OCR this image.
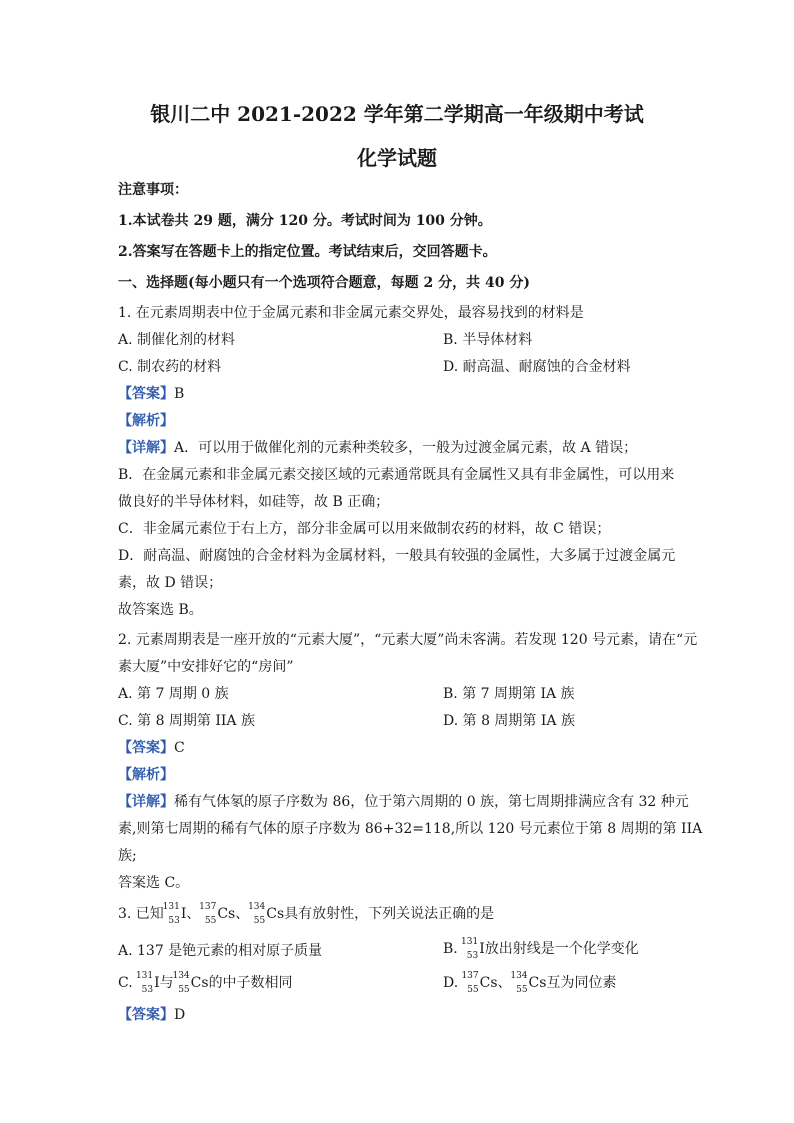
银川二中 2021-2022 学年第二学期高一年级期中考试
化学试题
注意事项：
1.本试卷共 29 题，满分 120 分。考试时间为 100 分钟。
2.答案写在答题卡上的指定位置。考试结束后，交回答题卡。
一、选择题(每小题只有一个选项符合题意，每题 2 分，共 40 分)
1. 在元素周期表中位于金属元素和非金属元素交界处，最容易找到的材料是
A. 制催化剂的材料	B. 半导体材料
C. 制农药的材料	D. 耐高温、耐腐蚀的合金材料
【答案】B
【解析】
【详解】A．可以用于做催化剂的元素种类较多，一般为过渡金属元素，故 A 错误；
B．在金属元素和非金属元素交接区域的元素通常既具有金属性又具有非金属性，可以用来
做良好的半导体材料，如硅等，故 B 正确；
C．非金属元素位于右上方，部分非金属可以用来做制农药的材料，故 C 错误；
D．耐高温、耐腐蚀的合金材料为金属材料，一般具有较强的金属性，大多属于过渡金属元
素，故 D 错误；
故答案选 B。
2. 元素周期表是一座开放的“元素大厦”，“元素大厦”尚未客满。若发现 120 号元素，请在“元
素大厦”中安排好它的“房间”
A. 第 7 周期 0 族	B. 第 7 周期第 IA 族
C. 第 8 周期第 IIA 族	D. 第 8 周期第 IA 族
【答案】C
【解析】
【详解】稀有气体氡的原子序数为 86，位于第六周期的 0 族，第七周期排满应含有 32 种元
素,则第七周期的稀有气体的原子序数为 86+32=118,所以 120 号元素位于第 8 周期的第 IIA
族;
答案选 C。
3. 已知
131
53 I、
137
55 Cs、
134
55 Cs具有放射性，下列关说法正确的是
A. 137 是铯元素的相对原子质量	B. 131
53 I放出射线是一个化学变化
C. 131
53 I与
134
55 Cs的中子数相同	D. 137
55 Cs、
134
55 Cs互为同位素
【答案】D
